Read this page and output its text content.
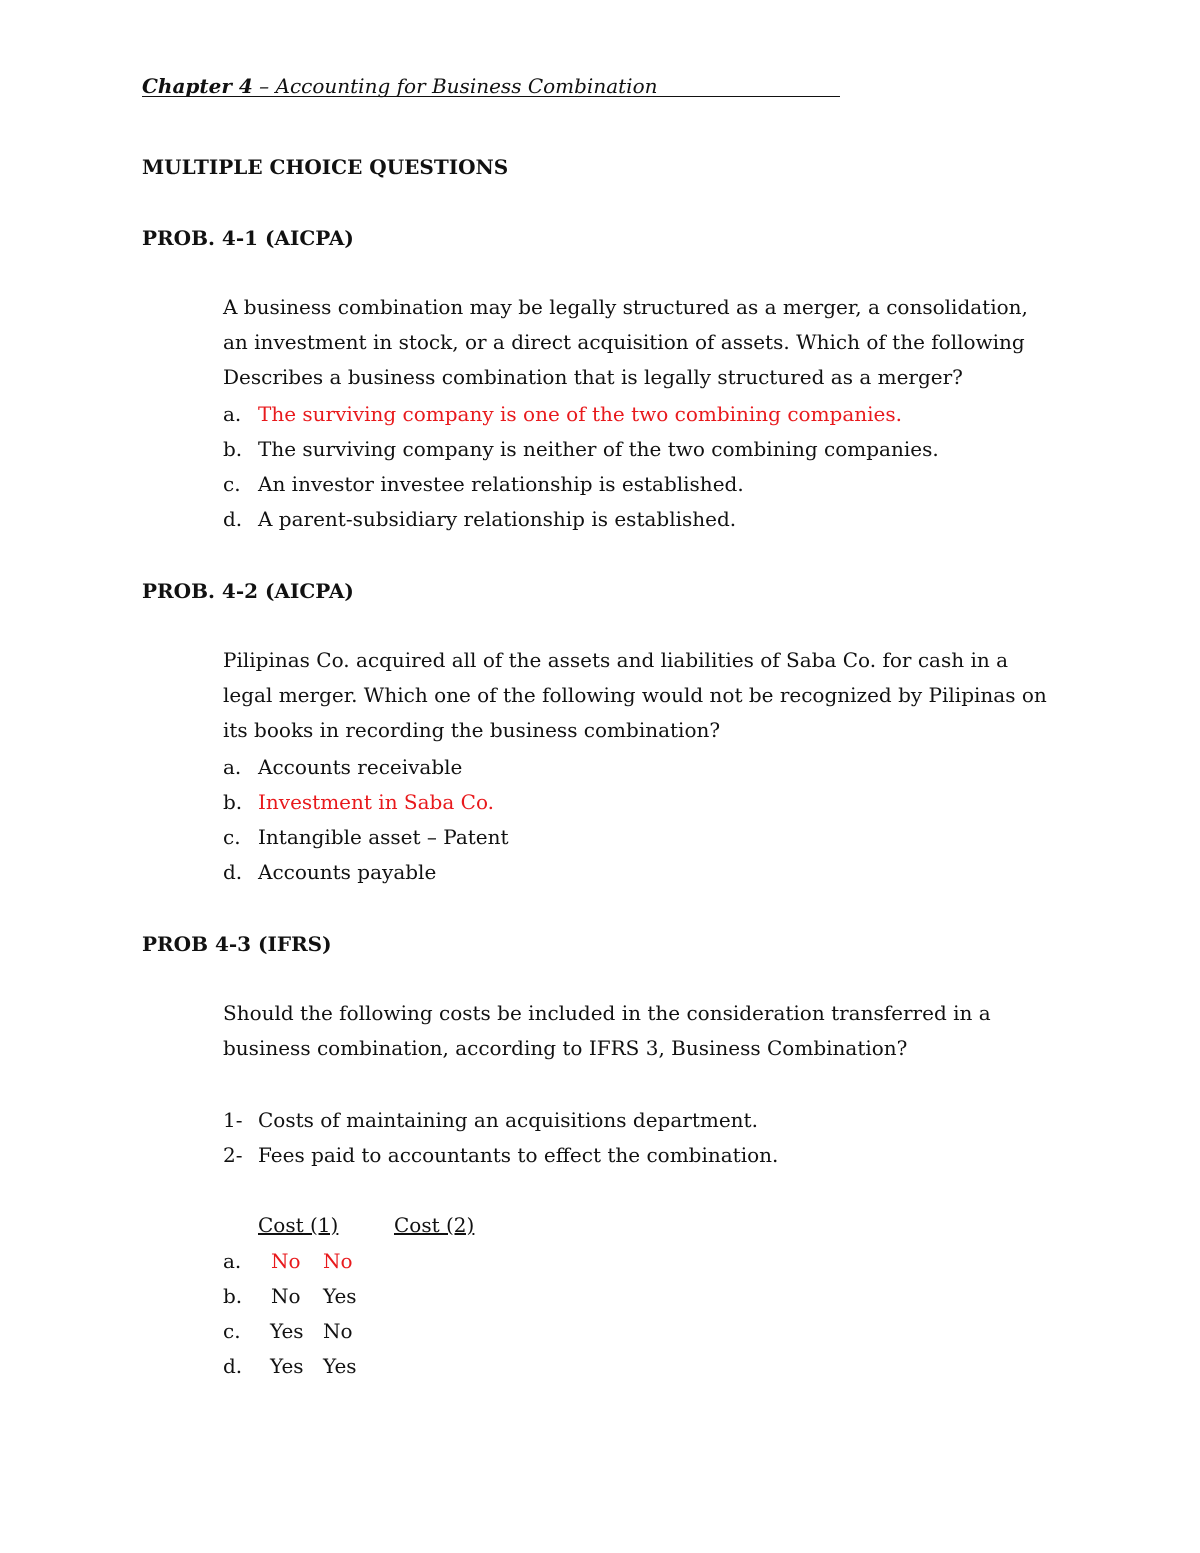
Chapter 4 – Accounting for Business Combination
MULTIPLE CHOICE QUESTIONS
PROB. 4-1 (AICPA)
A business combination may be legally structured as a merger, a consolidation,
an investment in stock, or a direct acquisition of assets. Which of the following
Describes a business combination that is legally structured as a merger?
a. The surviving company is one of the two combining companies.
b. The surviving company is neither of the two combining companies.
c. An investor investee relationship is established.
d. A parent-subsidiary relationship is established.
PROB. 4-2 (AICPA)
Pilipinas Co. acquired all of the assets and liabilities of Saba Co. for cash in a
legal merger. Which one of the following would not be recognized by Pilipinas on
its books in recording the business combination?
a. Accounts receivable
b. Investment in Saba Co.
c. Intangible asset – Patent
d. Accounts payable
PROB 4-3 (IFRS)
Should the following costs be included in the consideration transferred in a
business combination, according to IFRS 3, Business Combination?
1- Costs of maintaining an acquisitions department.
2- Fees paid to accountants to effect the combination.
Cost (1)	Cost (2)
a. No No
b. No Yes
c. Yes No
d. Yes Yes
